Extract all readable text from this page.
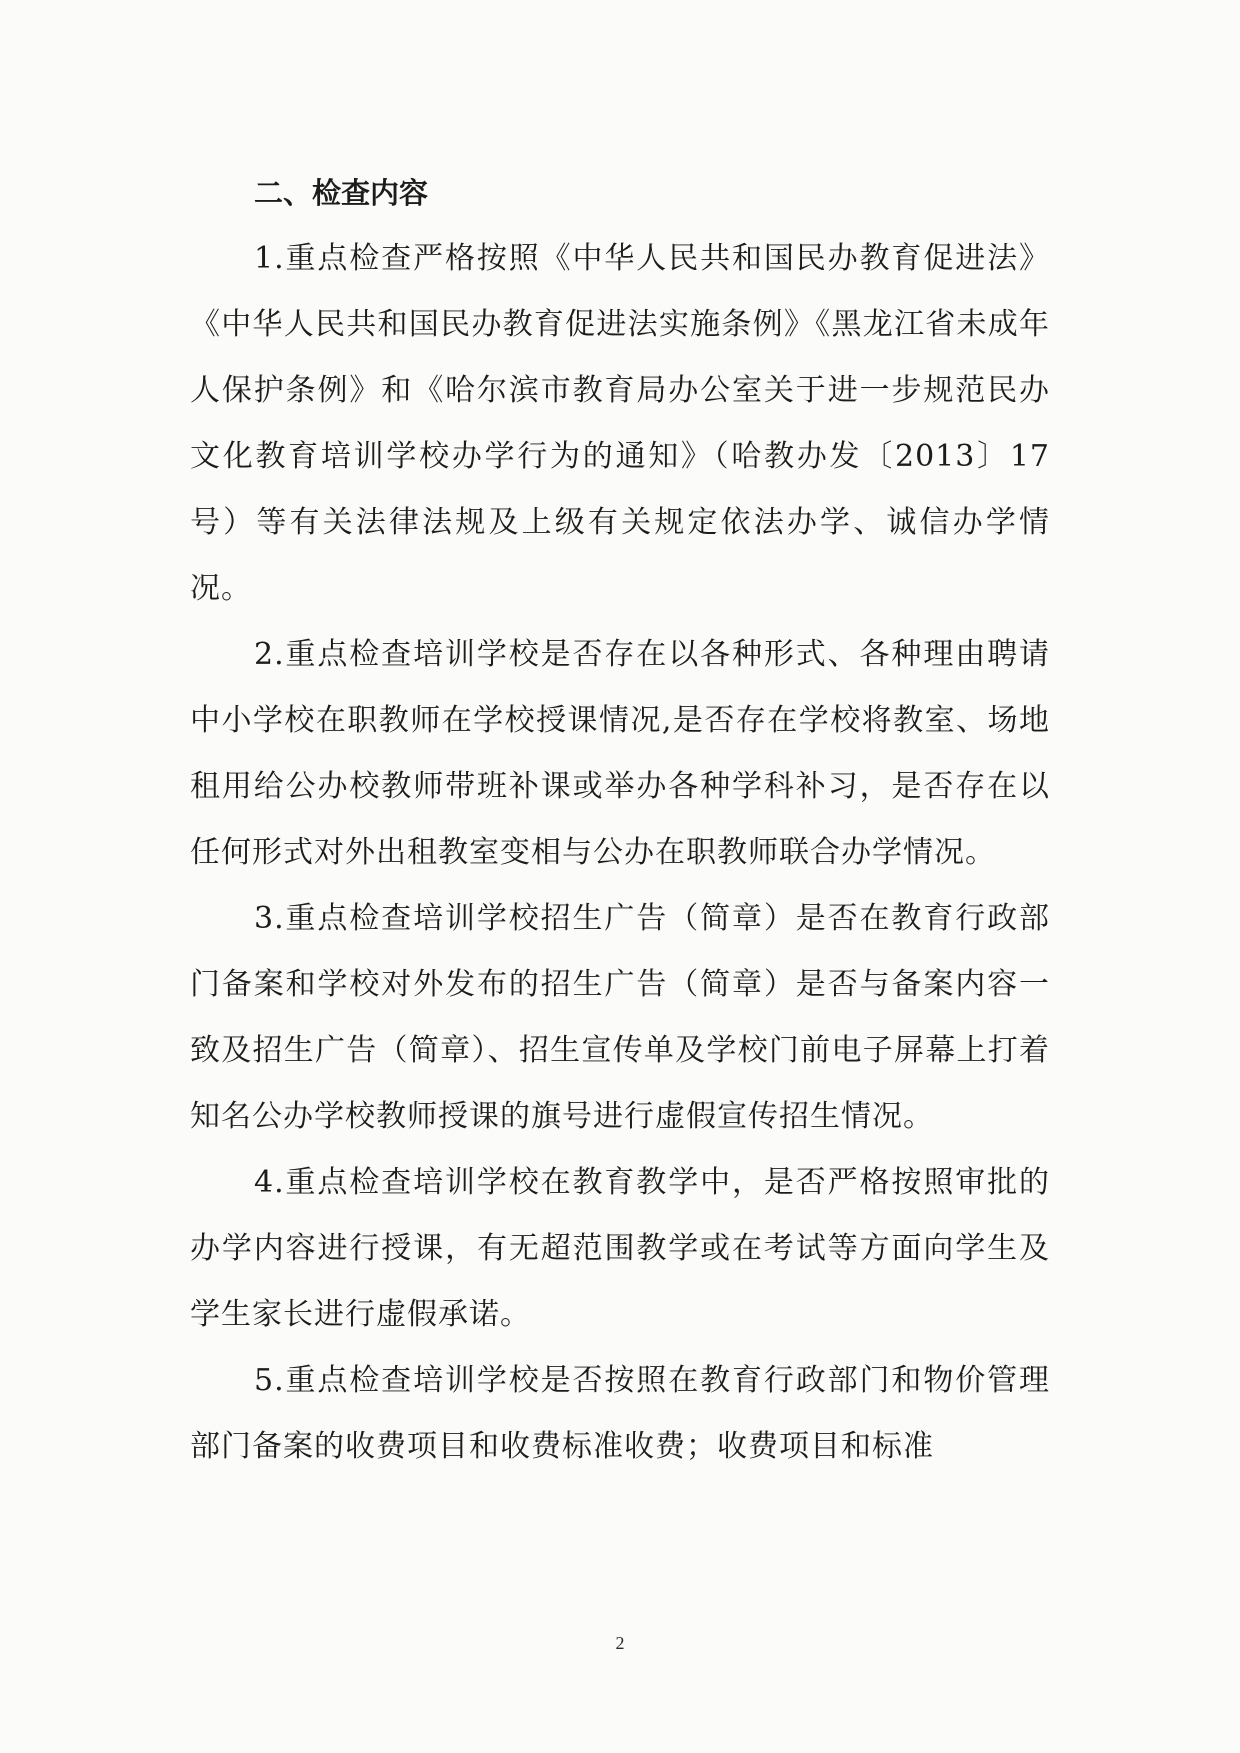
二、检查内容

1.重点检查严格按照《中华人民共和国民办教育促进法》《中华人民共和国民办教育促进法实施条例》《黑龙江省未成年人保护条例》和《哈尔滨市教育局办公室关于进一步规范民办文化教育培训学校办学行为的通知》（哈教办发〔2013〕17号）等有关法律法规及上级有关规定依法办学、诚信办学情况。

2.重点检查培训学校是否存在以各种形式、各种理由聘请中小学校在职教师在学校授课情况,是否存在学校将教室、场地租用给公办校教师带班补课或举办各种学科补习，是否存在以任何形式对外出租教室变相与公办在职教师联合办学情况。

3.重点检查培训学校招生广告（简章）是否在教育行政部门备案和学校对外发布的招生广告（简章）是否与备案内容一致及招生广告（简章）、招生宣传单及学校门前电子屏幕上打着知名公办学校教师授课的旗号进行虚假宣传招生情况。

4.重点检查培训学校在教育教学中，是否严格按照审批的办学内容进行授课，有无超范围教学或在考试等方面向学生及学生家长进行虚假承诺。

5.重点检查培训学校是否按照在教育行政部门和物价管理部门备案的收费项目和收费标准收费；收费项目和标准

2
